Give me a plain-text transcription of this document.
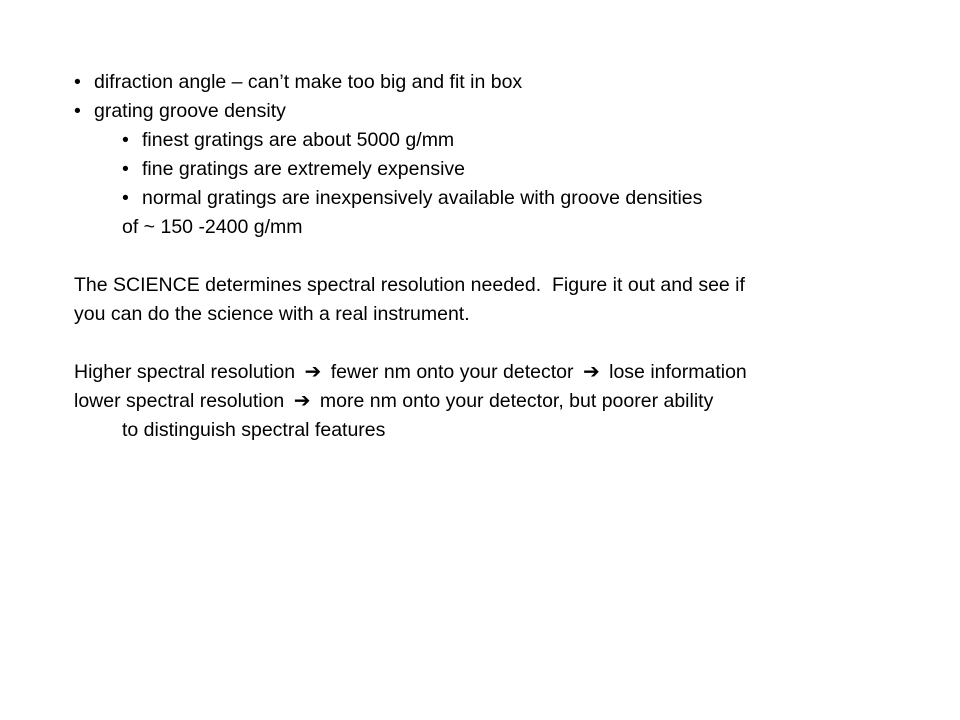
• difraction angle – can’t make too big and fit in box
• grating groove density
• finest gratings are about 5000 g/mm
• fine gratings are extremely expensive
• normal gratings are inexpensively available with groove densities
of ~ 150 -2400 g/mm
The SCIENCE determines spectral resolution needed.  Figure it out and see if
you can do the science with a real instrument.
Higher spectral resolution ➔ fewer nm onto your detector ➔ lose information
lower spectral resolution ➔ more nm onto your detector, but poorer ability
to distinguish spectral features
